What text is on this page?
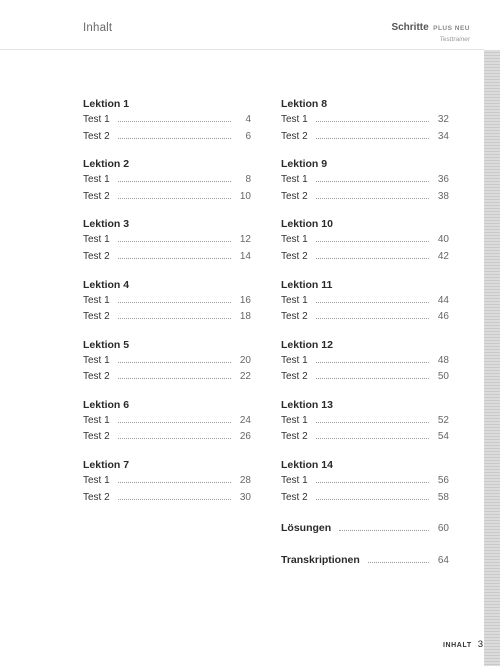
Inhalt	Schritte PLUS NEU
Testtrainer
Lektion 1
Test 1	4
Test 2	6
Lektion 2
Test 1	8
Test 2	10
Lektion 3
Test 1	12
Test 2	14
Lektion 4
Test 1	16
Test 2	18
Lektion 5
Test 1	20
Test 2	22
Lektion 6
Test 1	24
Test 2	26
Lektion 7
Test 1	28
Test 2	30
Lektion 8
Test 1	32
Test 2	34
Lektion 9
Test 1	36
Test 2	38
Lektion 10
Test 1	40
Test 2	42
Lektion 11
Test 1	44
Test 2	46
Lektion 12
Test 1	48
Test 2	50
Lektion 13
Test 1	52
Test 2	54
Lektion 14
Test 1	56
Test 2	58
Lösungen	60
Transkriptionen	64
INHALT 3
